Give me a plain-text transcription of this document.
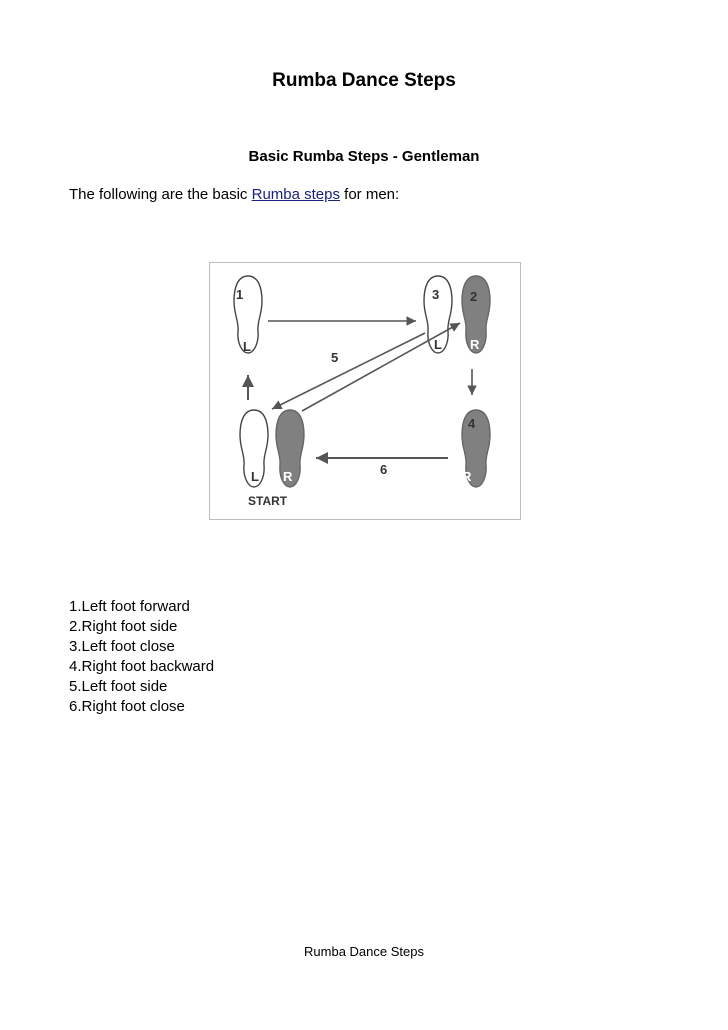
Rumba Dance Steps
Basic Rumba Steps - Gentleman
The following are the basic Rumba steps for men:
1	3 2
4
L	L R
L R	R
5
6
START
1.Left foot forward
2.Right foot side
3.Left foot close
4.Right foot backward
5.Left foot side
6.Right foot close
Rumba Dance Steps
